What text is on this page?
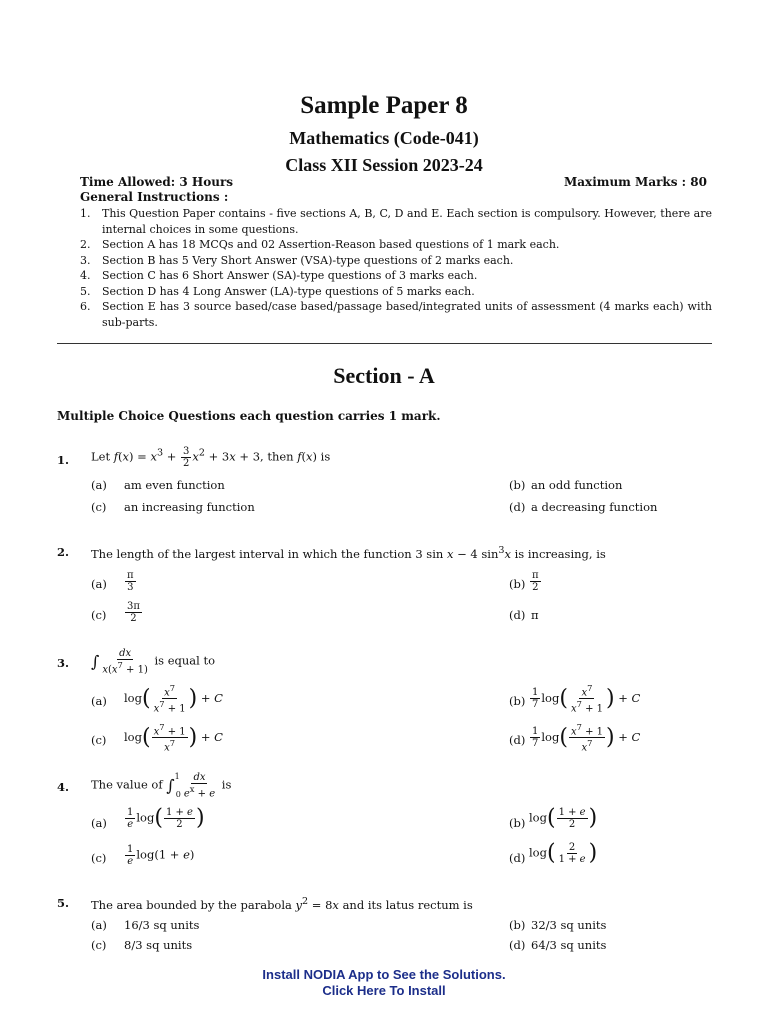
Sample Paper 8
Mathematics (Code-041)
Class XII Session 2023-24
Time Allowed: 3 Hours	Maximum Marks : 80
General Instructions :
1.	This Question Paper contains - five sections A, B, C, D and E. Each section is compulsory. However, there are internal choices in some questions.
2.	Section A has 18 MCQs and 02 Assertion-Reason based questions of 1 mark each.
3.	Section B has 5 Very Short Answer (VSA)-type questions of 2 marks each.
4.	Section C has 6 Short Answer (SA)-type questions of 3 marks each.
5.	Section D has 4 Long Answer (LA)-type questions of 5 marks each.
6.	Section E has 3 source based/case based/passage based/integrated units of assessment (4 marks each) with sub-parts.
Section - A
Multiple Choice Questions each question carries 1 mark.
1. Let $f(x) = x^3 + \frac{3}{2} x^2 + 3x + 3$, then f(x) is
(a) am even function	(b) an odd function
(c) an increasing function	(d) a decreasing function
2. The length of the largest interval in which the function 3 sin x − 4 $\sin^3x$ is increasing, is
$(a) \frac{\pi}{3}$	$(b) \frac{\pi}{2}$
$(c) \frac{3\pi}{2}$	(d) π
3. ∫ $\frac{dx}{x(x^7 + 1)}$ is equal to
(a) $\log( \frac{x^7}{x^7 + 1}$ ) + C	$(b) \frac{1}{7} \log( \frac{x^7}{x^7 + 1}$ ) + C
(c) $\log( \frac{x^7 + 1}{x^7}$ ) + C	$(d) \frac{1}{7} \log( \frac{x^7 + 1}{x^7}$ ) + C
4. The value of $\int^10 \frac{dx}{e^x + e}$ is
$(a) \frac{1}{e} \log( \frac{1 + e}{2}$ )	(b) $\log( \frac{1 + e}{2}$ )
$(c) \frac{1}{e} \log(1 + e)$	(d) $\log( \frac{2}{1 + e}$ )
5. The area bounded by the parabola $y^2 = 8x$ and its latus rectum is
(a) 16/3 sq units	(b) 32/3 sq units
(c) 8/3 sq units	(d) 64/3 sq units
Install NODIA App to See the Solutions.
Click Here To Install
